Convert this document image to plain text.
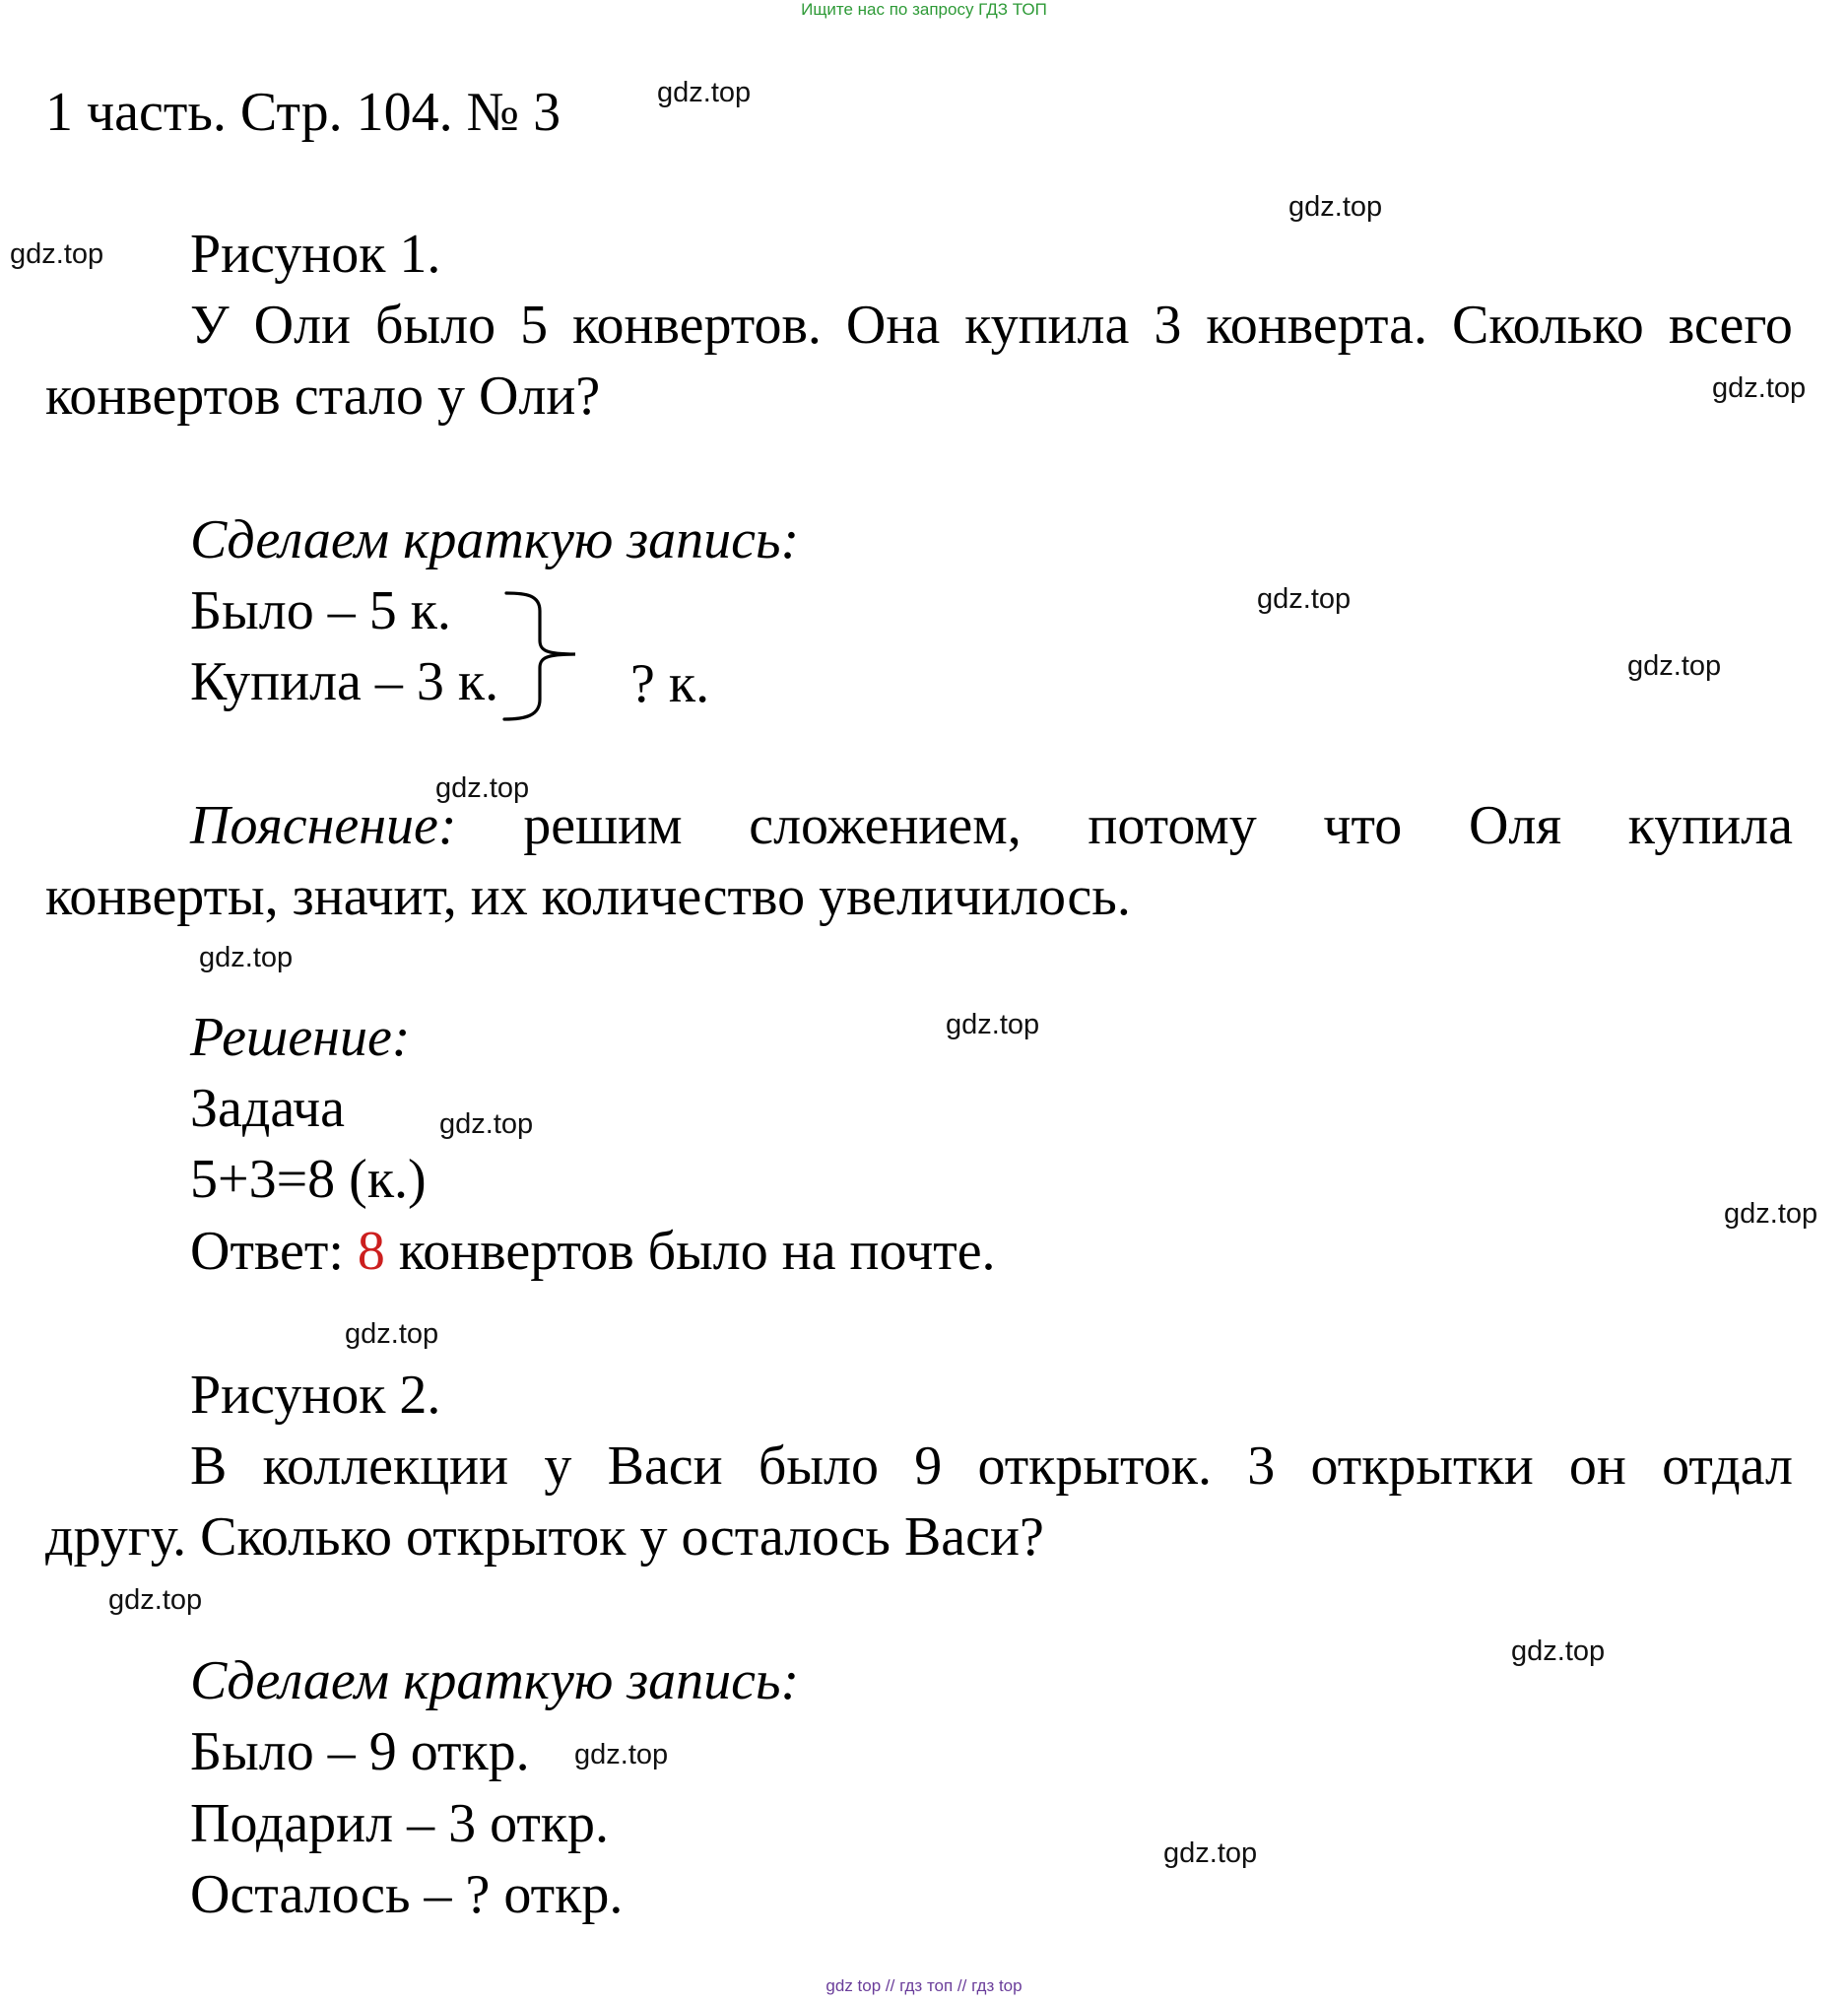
Ищите нас по запросу ГДЗ ТОП
gdz top // гдз топ // гдз top
1 часть. Стр. 104. № 3
Рисунок 1.
У Оли было 5 конвертов. Она купила 3 конверта. Сколько всего
конвертов стало у Оли?
Сделаем краткую запись:
Было – 5 к.
Купила – 3 к. ? к.
Пояснение: решим сложением, потому что Оля купила
конверты, значит, их количество увеличилось.
Решение:
Задача
5+3=8 (к.)
Ответ: 8 конвертов было на почте.
Рисунок 2.
В коллекции у Васи было 9 открыток. 3 открытки он отдал
другу. Сколько открыток у осталось Васи?
Сделаем краткую запись:
Было – 9 откр.
Подарил – 3 откр.
Осталось – ? откр.
gdz.top
gdz.top
gdz.top
gdz.top
gdz.top
gdz.top
gdz.top
gdz.top
gdz.top
gdz.top
gdz.top
gdz.top
gdz.top
gdz.top
gdz.top
gdz.top
